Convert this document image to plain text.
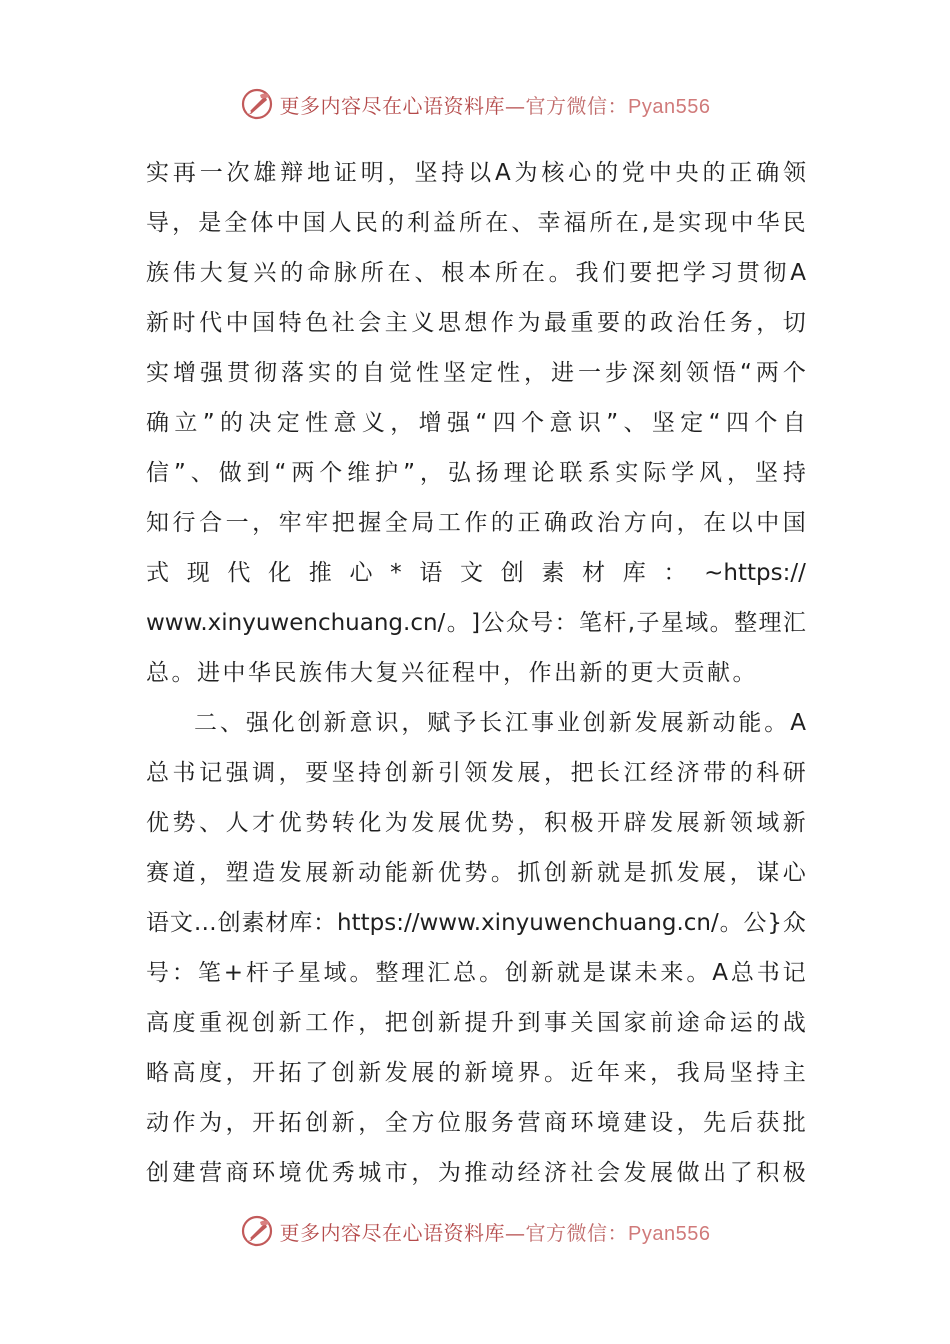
更多内容尽在心语资料库—官方微信：Pyan556
实 再 一 次 雄 辩 地 证 明 ， 坚 持 以 A 为 核 心 的 党 中 央 的 正 确 领
导 ， 是 全 体 中 国 人 民 的 利 益 所 在 、 幸 福 所 在 , 是 实 现 中 华 民
族 伟 大 复 兴 的 命 脉 所 在 、 根 本 所 在 。 我 们 要 把 学 习 贯 彻 A
新 时 代 中 国 特 色 社 会 主 义 思 想 作 为 最 重 要 的 政 治 任 务 ， 切
实 增 强 贯 彻 落 实 的 自 觉 性 坚 定 性 ， 进 一 步 深 刻 领 悟 “ 两 个
确 立 ” 的 决 定 性 意 义 ， 增 强 “ 四 个 意 识 ” 、 坚 定 “ 四 个 自
信 ” 、 做 到 “ 两 个 维 护 ” ， 弘 扬 理 论 联 系 实 际 学 风 ， 坚 持
知 行 合 一 ， 牢 牢 把 握 全 局 工 作 的 正 确 政 治 方 向 ， 在 以 中 国
式 现 代 化 推 心 * 语 文 创 素 材 库 ： ~https://
www.xinyuwenchuang.cn/ 。 ] 公 众 号 ： 笔 杆 , 子 星 域 。 整 理 汇
总。进中华民族伟大复兴征程中，作出新的更大贡献。
二 、 强 化 创 新 意 识 ， 赋 予 长 江 事 业 创 新 发 展 新 动 能 。 A
总 书 记 强 调 ， 要 坚 持 创 新 引 领 发 展 ， 把 长 江 经 济 带 的 科 研
优 势 、 人 才 优 势 转 化 为 发 展 优 势 ， 积 极 开 辟 发 展 新 领 域 新
赛 道 ， 塑 造 发 展 新 动 能 新 优 势 。 抓 创 新 就 是 抓 发 展 ， 谋 心
语 文 … 创 素 材 库 ： https://www.xinyuwenchuang.cn/ 。 公 } 众
号 ： 笔 + 杆 子 星 域 。 整 理 汇 总 。 创 新 就 是 谋 未 来 。 A 总 书 记
高 度 重 视 创 新 工 作 ， 把 创 新 提 升 到 事 关 国 家 前 途 命 运 的 战
略 高 度 ， 开 拓 了 创 新 发 展 的 新 境 界 。 近 年 来 ， 我 局 坚 持 主
动 作 为 ， 开 拓 创 新 ， 全 方 位 服 务 营 商 环 境 建 设 ， 先 后 获 批
创 建 营 商 环 境 优 秀 城 市 ， 为 推 动 经 济 社 会 发 展 做 出 了 积 极
更多内容尽在心语资料库—官方微信：Pyan556
